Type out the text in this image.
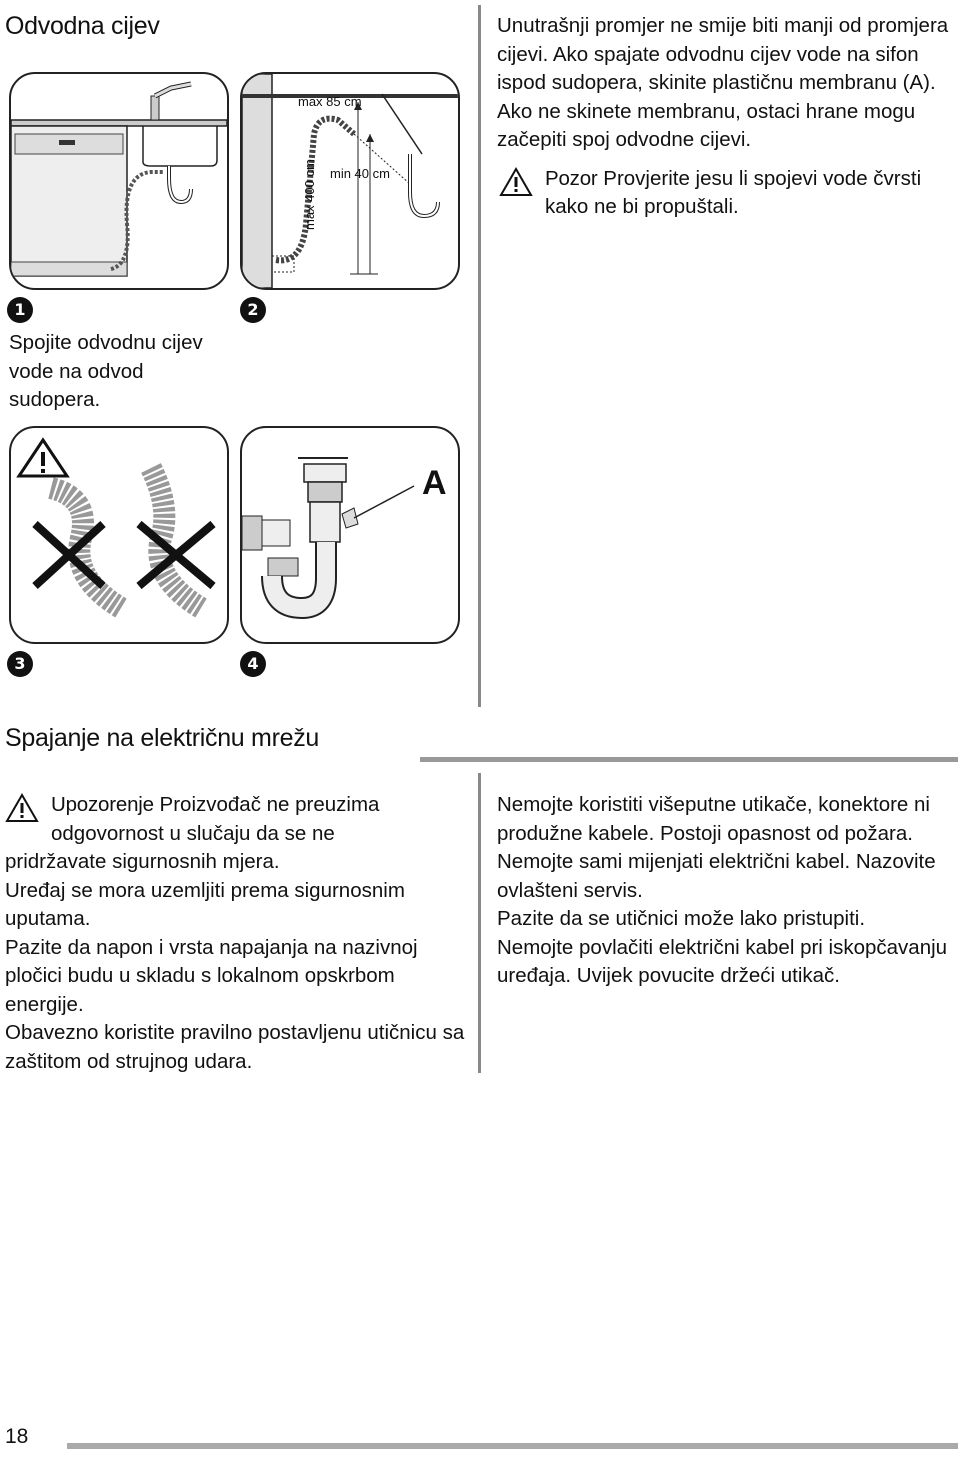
Odvodna cijev
max 85 cm
min 40 cm
max 400 cm
1	2
Spojite odvodnu cijev vode na odvod sudopera.

Unutrašnji promjer ne smije biti manji od promjera cijevi. Ako spajate odvodnu cijev vode na sifon ispod sudopera, skinite plastičnu membranu (A). Ako ne skinete membranu, ostaci hrane mogu začepiti spoj odvodne cijevi.

Pozor Provjerite jesu li spojevi vode čvrsti kako ne bi propuštali.

A
3	4
Spajanje na električnu mrežu
Upozorenje Proizvođač ne preuzima
odgovornost u slučaju da se ne

pridržavate sigurnosnih mjera.

Uređaj se mora uzemljiti prema sigurnosnim uputama.

Pazite da napon i vrsta napajanja na nazivnoj pločici budu u skladu s lokalnom opskrbom energije.

Obavezno koristite pravilno postavljenu utičnicu sa zaštitom od strujnog udara.

Nemojte koristiti višeputne utikače, konektore ni produžne kabele. Postoji opasnost od požara.

Nemojte sami mijenjati električni kabel. Nazovite ovlašteni servis.

Pazite da se utičnici može lako pristupiti.

Nemojte povlačiti električni kabel pri iskopčavanju uređaja. Uvijek povucite držeći utikač.

18
